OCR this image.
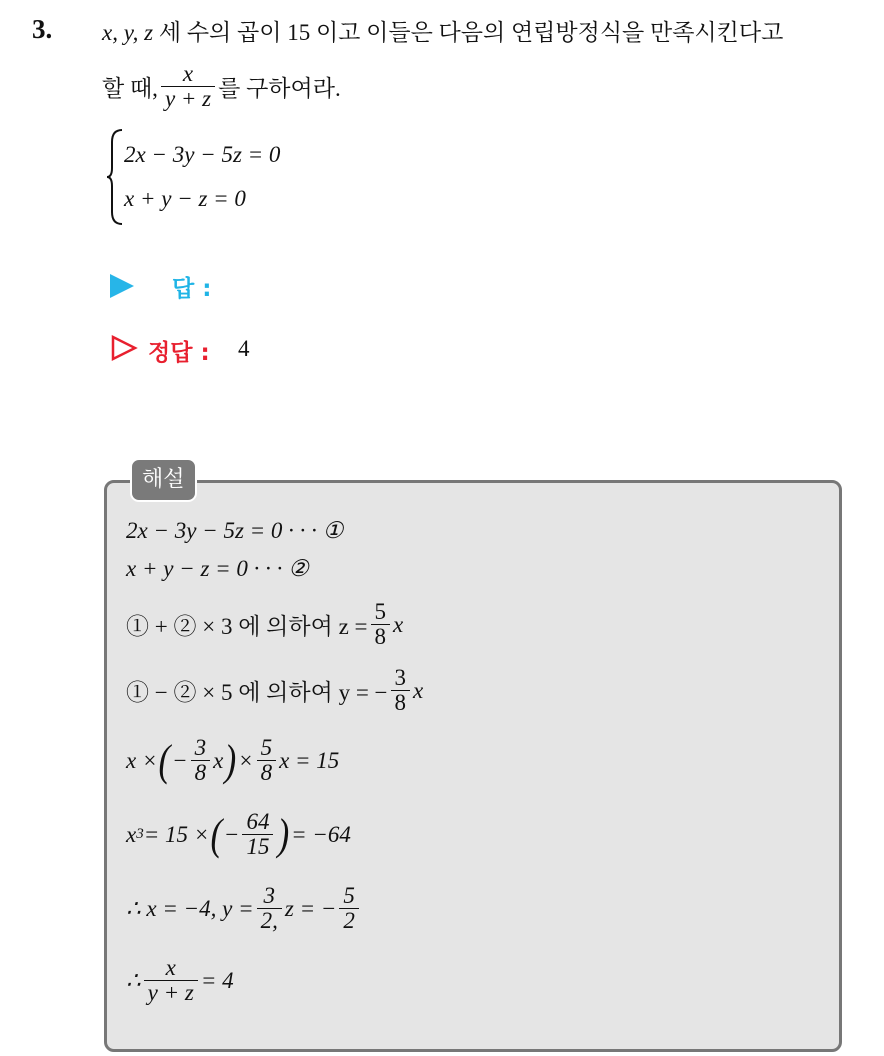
3. x, y, z 세 수의 곱이 15 이고 이들은 다음의 연립방정식을 만족시킨다고
할 때, $\frac{x}{y + z}$ 를 구하여라.
2x − 3y − 5z = 0
x + y − z = 0
답 :
정답 : 4
해설
2x − 3y − 5z = 0 · · · ①
x + y − z = 0 · · · ②
① + ② × 3 에 의하여 $z = \frac{5}{8}$ x
① − ② × 5 에 의하여 y = − $\frac{3}{8}$ x
x × ( − $\frac{3}{8}$ x ) × $\frac{5}{8}$ x = 15
x 3 = 15 × ( − $\frac{64}{15}$ ) = −64
∴ x = −4, $y = \frac{3}{2,}$ z = − $\frac{5}{2}$
∴ $\frac{x}{y + z} = 4$
